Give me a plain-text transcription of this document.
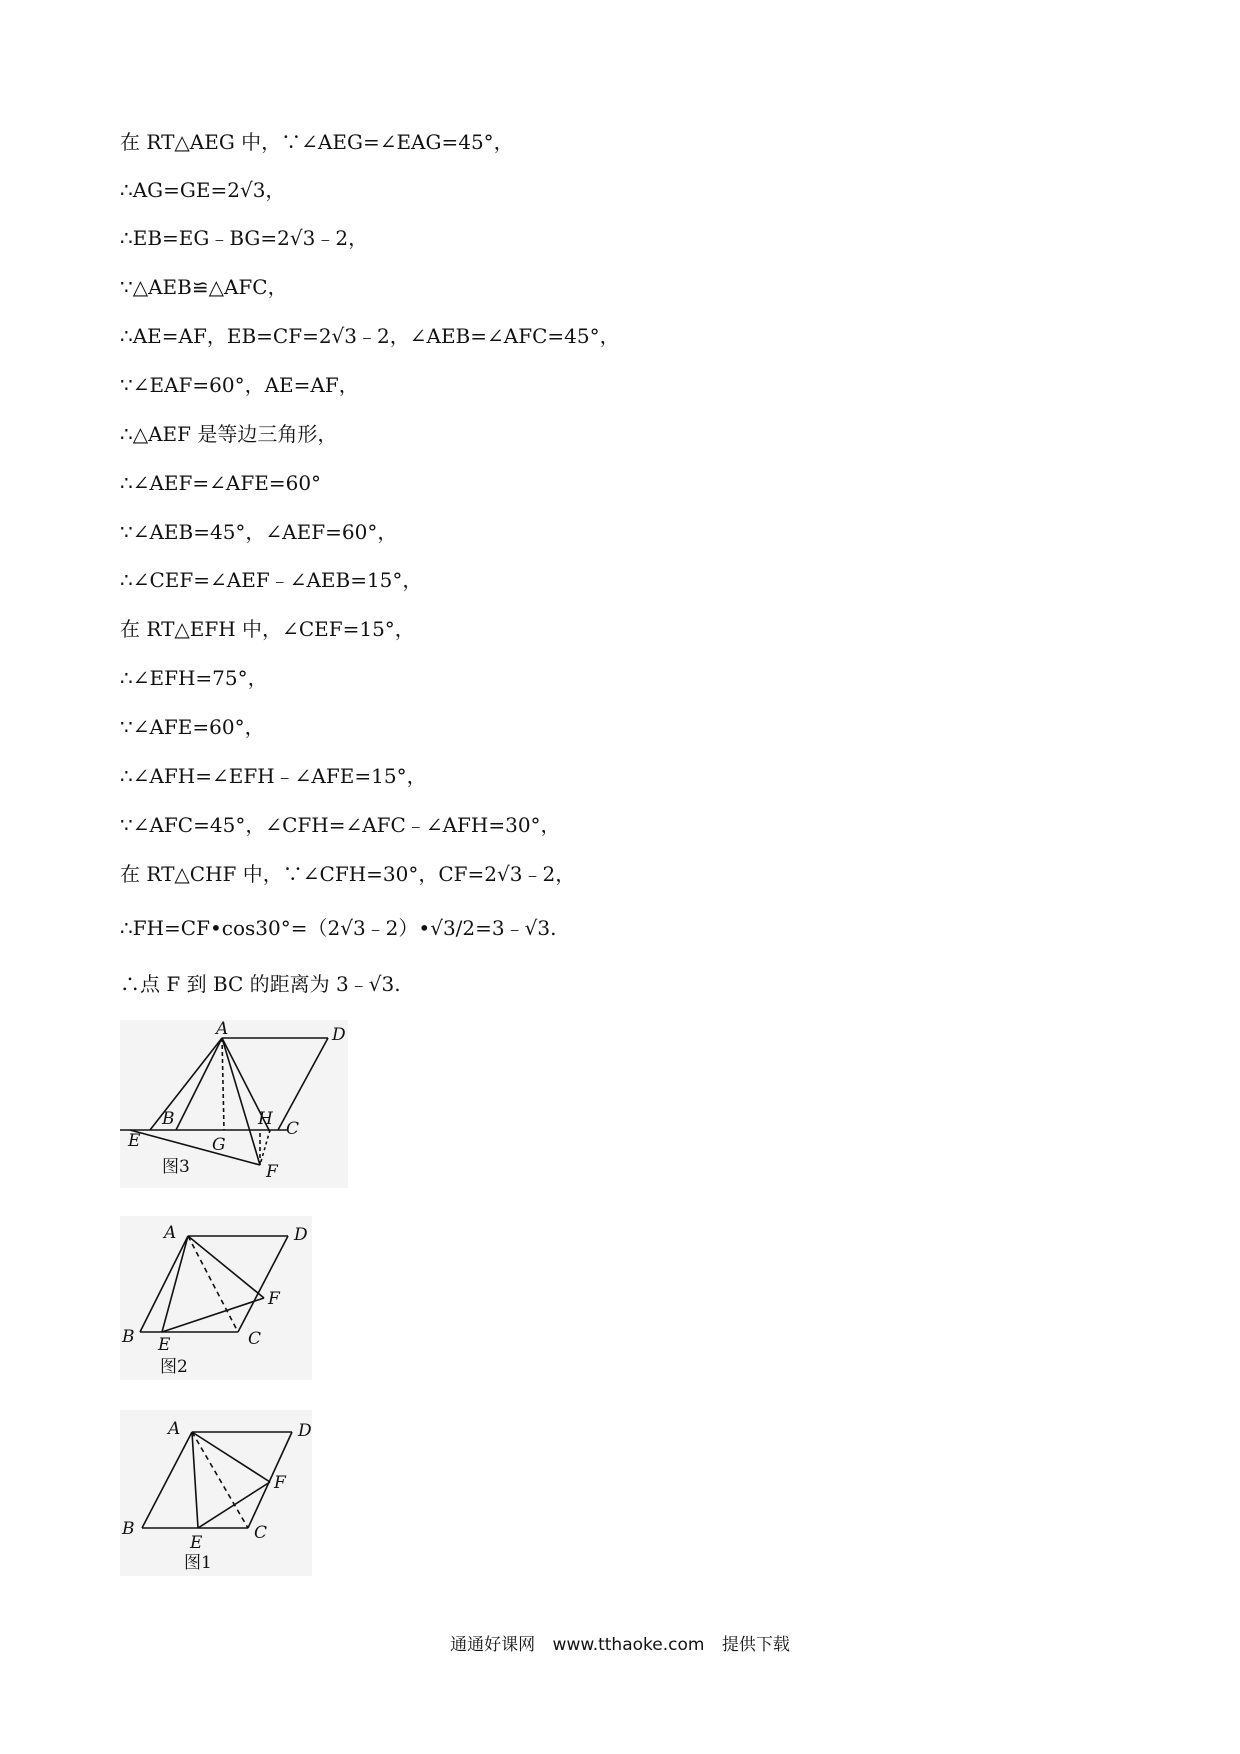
在 RT△AEG 中，∵∠AEG=∠EAG=45°，
∴AG=GE=2√3，
∴EB=EG﹣BG=2√3﹣2，
∵△AEB≌△AFC，
∴AE=AF，EB=CF=2√3﹣2，∠AEB=∠AFC=45°，
∵∠EAF=60°，AE=AF，
∴△AEF 是等边三角形，
∴∠AEF=∠AFE=60°
∵∠AEB=45°，∠AEF=60°，
∴∠CEF=∠AEF﹣∠AEB=15°，
在 RT△EFH 中，∠CEF=15°，
∴∠EFH=75°，
∵∠AFE=60°，
∴∠AFH=∠EFH﹣∠AFE=15°，
∵∠AFC=45°，∠CFH=∠AFC﹣∠AFH=30°，
在 RT△CHF 中，∵∠CFH=30°，CF=2√3﹣2，
∴FH=CF•cos30°=（2√3﹣2）•√3/2=3﹣√3.
∴点 F 到 BC 的距离为 3﹣√3.
A	D
B	H C
E	G
F
图3
A	D
F
B E	C
图2
A	D
F
B
E	C
图1
通通好课网 www.tthaoke.com 提供下载
